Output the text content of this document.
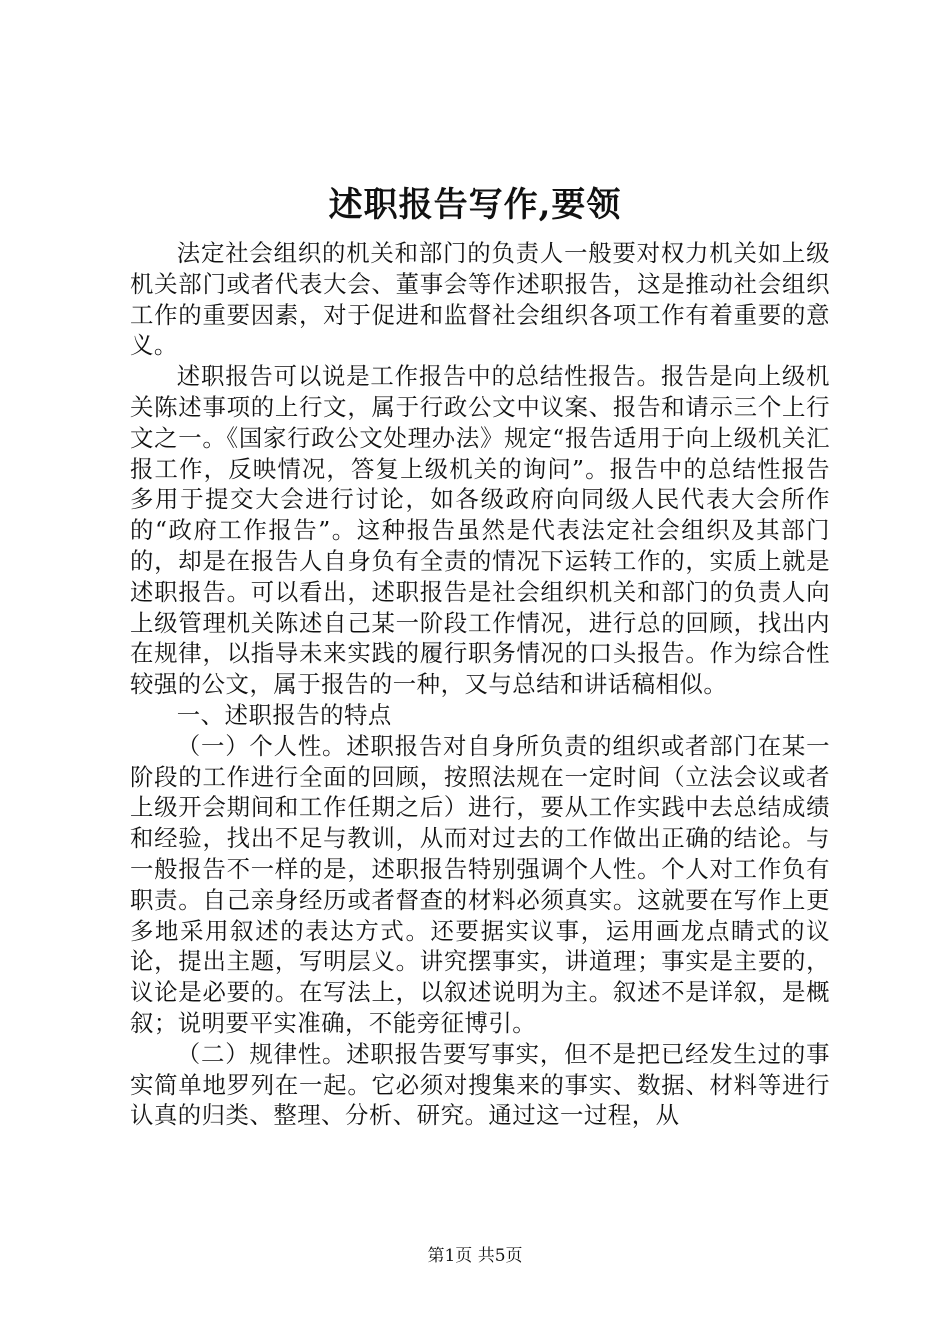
述职报告写作,要领

法定社会组织的机关和部门的负责人一般要对权力机关如上级机关部门或者代表大会、董事会等作述职报告，这是推动社会组织工作的重要因素，对于促进和监督社会组织各项工作有着重要的意义。

述职报告可以说是工作报告中的总结性报告。报告是向上级机关陈述事项的上行文，属于行政公文中议案、报告和请示三个上行文之一。《国家行政公文处理办法》规定“报告适用于向上级机关汇报工作，反映情况，答复上级机关的询问”。报告中的总结性报告多用于提交大会进行讨论，如各级政府向同级人民代表大会所作的“政府工作报告”。这种报告虽然是代表法定社会组织及其部门的，却是在报告人自身负有全责的情况下运转工作的，实质上就是述职报告。可以看出，述职报告是社会组织机关和部门的负责人向上级管理机关陈述自己某一阶段工作情况，进行总的回顾，找出内在规律，以指导未来实践的履行职务情况的口头报告。作为综合性较强的公文，属于报告的一种，又与总结和讲话稿相似。

一、述职报告的特点

（一）个人性。述职报告对自身所负责的组织或者部门在某一阶段的工作进行全面的回顾，按照法规在一定时间（立法会议或者上级开会期间和工作任期之后）进行，要从工作实践中去总结成绩和经验，找出不足与教训，从而对过去的工作做出正确的结论。与一般报告不一样的是，述职报告特别强调个人性。个人对工作负有职责。自己亲身经历或者督查的材料必须真实。这就要在写作上更多地采用叙述的表达方式。还要据实议事，运用画龙点睛式的议论，提出主题，写明层义。讲究摆事实，讲道理；事实是主要的，议论是必要的。在写法上，以叙述说明为主。叙述不是详叙，是概叙；说明要平实准确，不能旁征博引。

（二）规律性。述职报告要写事实，但不是把已经发生过的事实简单地罗列在一起。它必须对搜集来的事实、数据、材料等进行认真的归类、整理、分析、研究。通过这一过程，从

第1页 共5页
